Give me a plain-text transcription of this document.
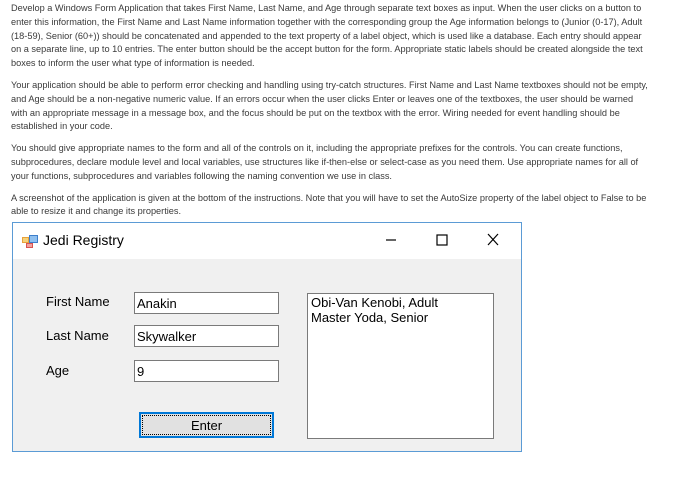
Develop a Windows Form Application that takes First Name, Last Name, and Age through separate text boxes as input. When the user clicks on a button to enter this information, the First Name and Last Name information together with the corresponding group the Age information belongs to (Junior (0-17), Adult (18-59), Senior (60+)) should be concatenated and appended to the text property of a label object, which is used like a database. Each entry should appear on a separate line, up to 10 entries. The enter button should be the accept button for the form. Appropriate static labels should be created alongside the text boxes to inform the user what type of information is needed.

Your application should be able to perform error checking and handling using try-catch structures. First Name and Last Name textboxes should not be empty, and Age should be a non-negative numeric value. If an errors occur when the user clicks Enter or leaves one of the textboxes, the user should be warned with an appropriate message in a message box, and the focus should be put on the textbox with the error. Wiring needed for event handling should be established in your code.

You should give appropriate names to the form and all of the controls on it, including the appropriate prefixes for the controls. You can create functions, subprocedures, declare module level and local variables, use structures like if-then-else or select-case as you need them. Use appropriate names for all of your functions, subprocedures and variables following the naming convention we use in class.

A screenshot of the application is given at the bottom of the instructions. Note that you will have to set the AutoSize property of the label object to False to be able to resize it and change its properties.

Jedi Registry
First Name
Anakin
Last Name
Skywalker
Age
9
Obi-Van Kenobi, Adult
Master Yoda, Senior
Enter
